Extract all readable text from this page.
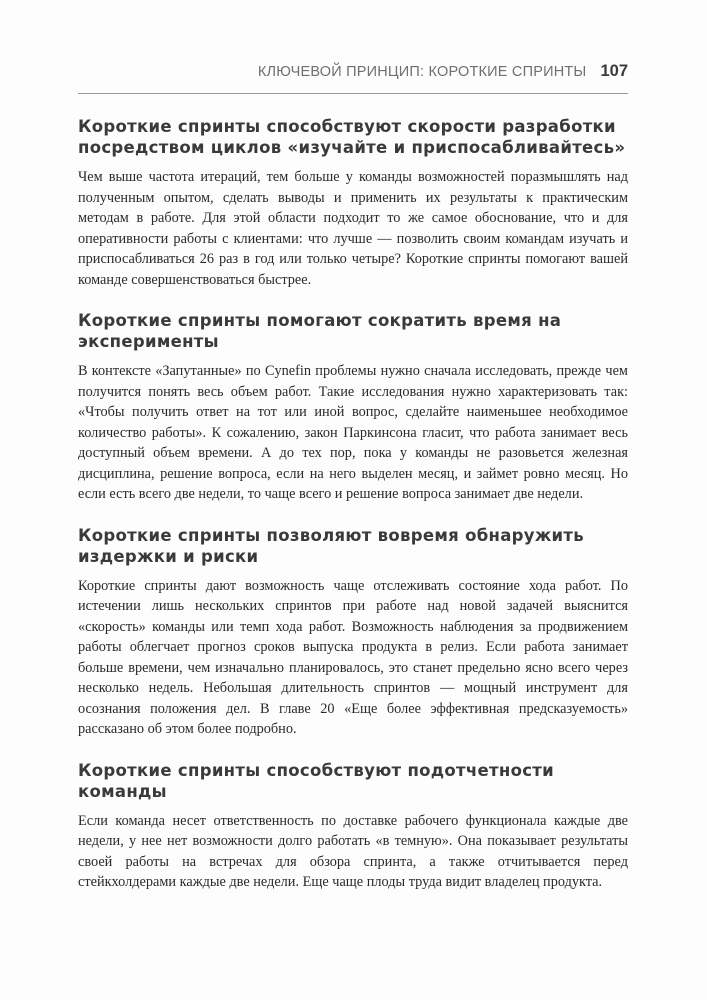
КЛЮЧЕВОЙ ПРИНЦИП: КОРОТКИЕ СПРИНТЫ 107
Короткие спринты способствуют скорости разработки посредством циклов «изучайте и приспосабливайтесь»

Чем выше частота итераций, тем больше у команды возможностей поразмышлять над полученным опытом, сделать выводы и применить их результаты к практическим методам в работе. Для этой области подходит то же самое обоснование, что и для оперативности работы с клиентами: что лучше — позволить своим командам изучать и приспосабливаться 26 раз в год или только четыре? Короткие спринты помогают вашей команде совершенствоваться быстрее.

Короткие спринты помогают сократить время на эксперименты

В контексте «Запутанные» по Cynefin проблемы нужно сначала исследовать, прежде чем получится понять весь объем работ. Такие исследования нужно характеризовать так: «Чтобы получить ответ на тот или иной вопрос, сделайте наименьшее необходимое количество работы». К сожалению, закон Паркинсона гласит, что работа занимает весь доступный объем времени. А до тех пор, пока у команды не разовьется железная дисциплина, решение вопроса, если на него выделен месяц, и займет ровно месяц. Но если есть всего две недели, то чаще всего и решение вопроса занимает две недели.

Короткие спринты позволяют вовремя обнаружить издержки и риски

Короткие спринты дают возможность чаще отслеживать состояние хода работ. По истечении лишь нескольких спринтов при работе над новой задачей выяснится «скорость» команды или темп хода работ. Возможность наблюдения за продвижением работы облегчает прогноз сроков выпуска продукта в релиз. Если работа занимает больше времени, чем изначально планировалось, это станет предельно ясно всего через несколько недель. Небольшая длительность спринтов — мощный инструмент для осознания положения дел. В главе 20 «Еще более эффективная предсказуемость» рассказано об этом более подробно.

Короткие спринты способствуют подотчетности команды

Если команда несет ответственность по доставке рабочего функционала каждые две недели, у нее нет возможности долго работать «в темную». Она показывает результаты своей работы на встречах для обзора спринта, а также отчитывается перед стейкхолдерами каждые две недели. Еще чаще плоды труда видит владелец продукта.
